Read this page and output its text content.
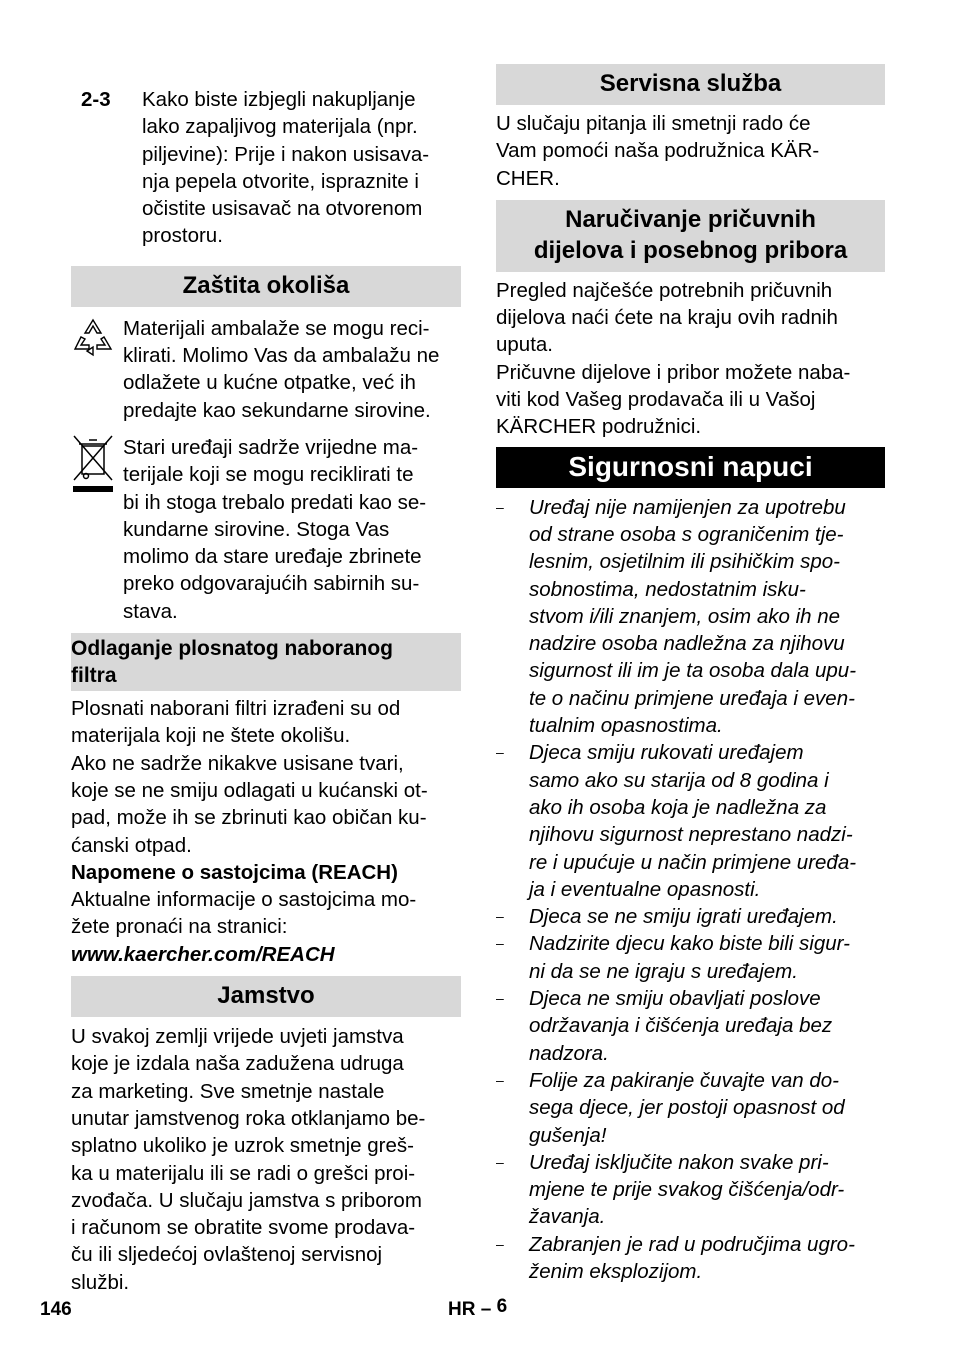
2-3	Kako biste izbjegli nakupljanje

lako zapaljivog materijala (npr.

piljevine): Prije i nakon usisava-

nja pepela otvorite, ispraznite i

očistite usisavač na otvorenom

prostoru.

Zaštita okoliša

Materijali ambalaže se mogu reci-

klirati. Molimo Vas da ambalažu ne

odlažete u kućne otpatke, već ih

predajte kao sekundarne sirovine.

Stari uređaji sadrže vrijedne ma-

terijale koji se mogu reciklirati te

bi ih stoga trebalo predati kao se-

kundarne sirovine. Stoga Vas

molimo da stare uređaje zbrinete

preko odgovarajućih sabirnih su-

stava.

Odlaganje plosnatog naboranog

filtra

Plosnati naborani filtri izrađeni su od

materijala koji ne štete okolišu.

Ako ne sadrže nikakve usisane tvari,

koje se ne smiju odlagati u kućanski ot-

pad, može ih se zbrinuti kao običan ku-

ćanski otpad.

Napomene o sastojcima (REACH)

Aktualne informacije o sastojcima mo-

žete pronaći na stranici:

www.kaercher.com/REACH

Jamstvo

U svakoj zemlji vrijede uvjeti jamstva

koje je izdala naša zadužena udruga

za marketing. Sve smetnje nastale

unutar jamstvenog roka otklanjamo be-

splatno ukoliko je uzrok smetnje greš-

ka u materijalu ili se radi o grešci proi-

zvođača. U slučaju jamstva s priborom

i računom se obratite svome prodava-

ču ili sljedećoj ovlaštenoj servisnoj

službi.

Servisna služba

U slučaju pitanja ili smetnji rado će

Vam pomoći naša podružnica KÄR-

CHER.

Naručivanje pričuvnih

dijelova i posebnog pribora

Pregled najčešće potrebnih pričuvnih

dijelova naći ćete na kraju ovih radnih

uputa.

Pričuvne dijelove i pribor možete naba-

viti kod Vašeg prodavača ili u Vašoj

KÄRCHER podružnici.

Sigurnosni napuci
–	Uređaj nije namijenjen za upotrebu

od strane osoba s ograničenim tje-

lesnim, osjetilnim ili psihičkim spo-

sobnostima, nedostatnim isku-

stvom i/ili znanjem, osim ako ih ne

nadzire osoba nadležna za njihovu

sigurnost ili im je ta osoba dala upu-

te o načinu primjene uređaja i even-

tualnim opasnostima.

–	Djeca smiju rukovati uređajem

samo ako su starija od 8 godina i

ako ih osoba koja je nadležna za

njihovu sigurnost neprestano nadzi-

re i upućuje u način primjene uređa-

ja i eventualne opasnosti.

–	Djeca se ne smiju igrati uređajem.

–	Nadzirite djecu kako biste bili sigur-

ni da se ne igraju s uređajem.

–	Djeca ne smiju obavljati poslove

održavanja i čišćenja uređaja bez

nadzora.

–	Folije za pakiranje čuvajte van do-

sega djece, jer postoji opasnost od

gušenja!

–	Uređaj isključite nakon svake pri-

mjene te prije svakog čišćenja/odr-

žavanja.

–	Zabranjen je rad u područjima ugro-

ženim eksplozijom.

146	HR – 6
